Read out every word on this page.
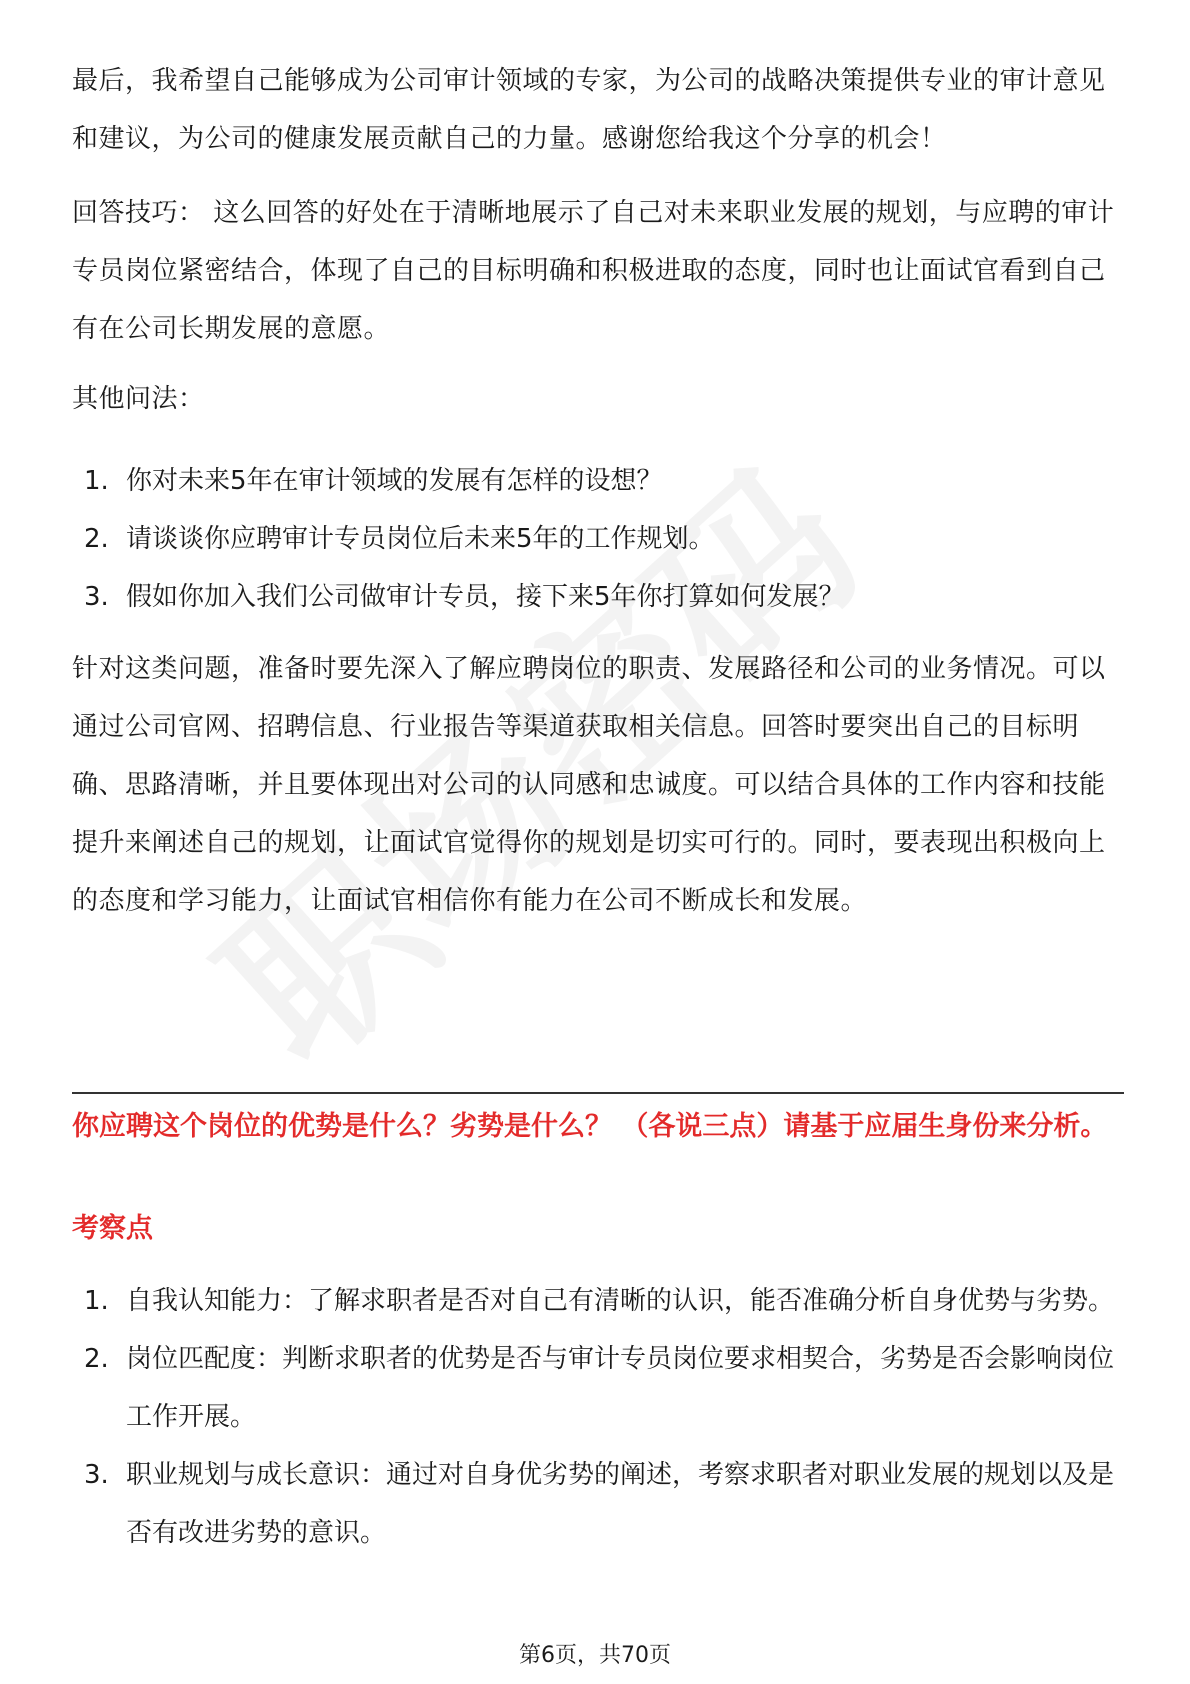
最后，我希望自己能够成为公司审计领域的专家，为公司的战略决策提供专业的审计意见和建议，为公司的健康发展贡献自己的力量。感谢您给我这个分享的机会！

回答技巧： 这么回答的好处在于清晰地展示了自己对未来职业发展的规划，与应聘的审计专员岗位紧密结合，体现了自己的目标明确和积极进取的态度，同时也让面试官看到自己有在公司长期发展的意愿。

其他问法：

1. 你对未来5年在审计领域的发展有怎样的设想？
2. 请谈谈你应聘审计专员岗位后未来5年的工作规划。
3. 假如你加入我们公司做审计专员，接下来5年你打算如何发展？

针对这类问题，准备时要先深入了解应聘岗位的职责、发展路径和公司的业务情况。可以通过公司官网、招聘信息、行业报告等渠道获取相关信息。回答时要突出自己的目标明确、思路清晰，并且要体现出对公司的认同感和忠诚度。可以结合具体的工作内容和技能提升来阐述自己的规划，让面试官觉得你的规划是切实可行的。同时，要表现出积极向上的态度和学习能力，让面试官相信你有能力在公司不断成长和发展。

你应聘这个岗位的优势是什么？劣势是什么？ （各说三点）请基于应届生身份来分析。

考察点

1. 自我认知能力：了解求职者是否对自己有清晰的认识，能否准确分析自身优势与劣势。
2. 岗位匹配度：判断求职者的优势是否与审计专员岗位要求相契合，劣势是否会影响岗位工作开展。
3. 职业规划与成长意识：通过对自身优劣势的阐述，考察求职者对职业发展的规划以及是否有改进劣势的意识。
第6页，共70页
